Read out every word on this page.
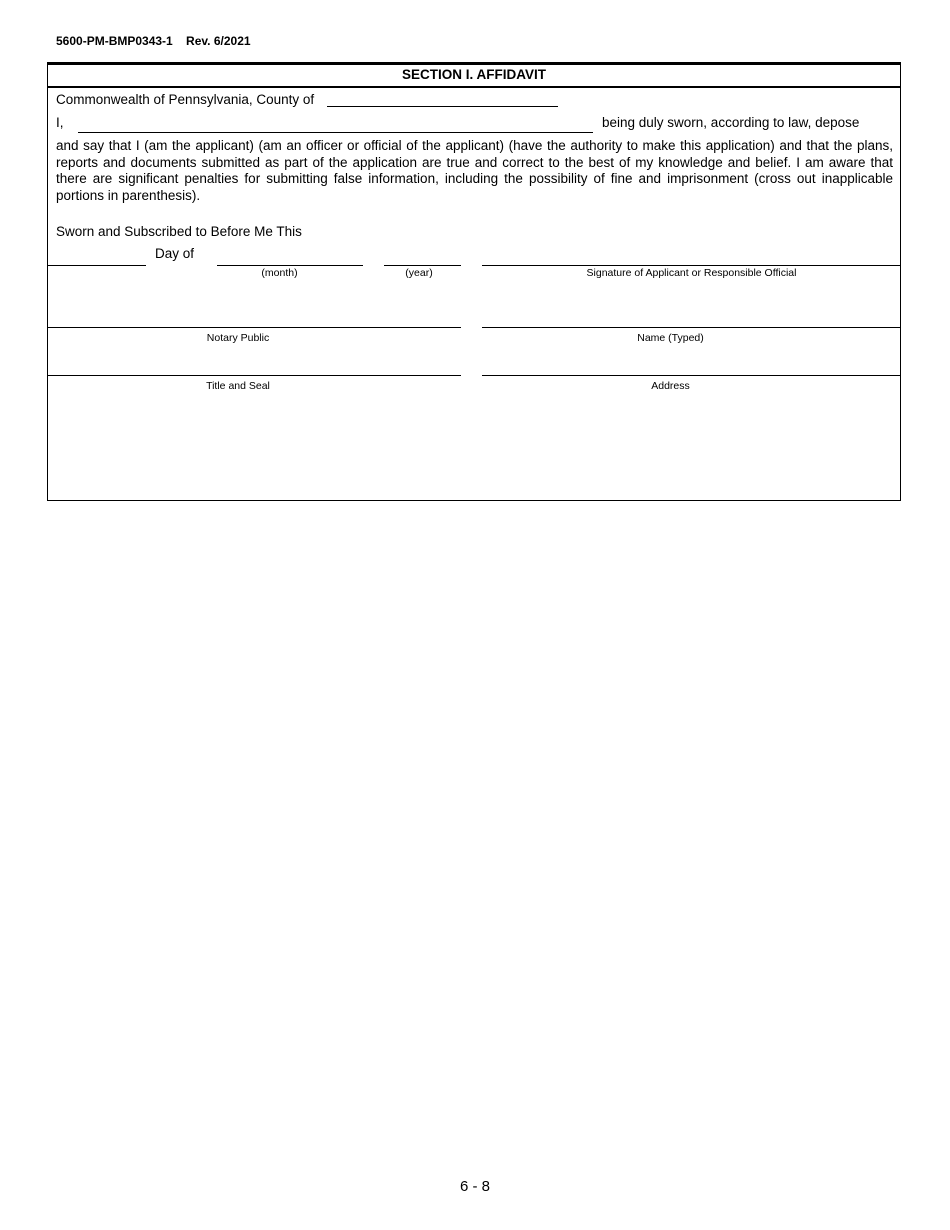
5600-PM-BMP0343-1    Rev. 6/2021
SECTION I. AFFIDAVIT
Commonwealth of Pennsylvania, County of
I,	being duly sworn, according to law, depose
and say that I (am the applicant) (am an officer or official of the applicant) (have the authority to make this application) and that the plans, reports and documents submitted as part of the application are true and correct to the best of my knowledge and belief. I am aware that there are significant penalties for submitting false information, including the possibility of fine and imprisonment (cross out inapplicable portions in parenthesis).
Sworn and Subscribed to Before Me This
Day of
(month)	(year)	Signature of Applicant or Responsible Official
Notary Public	Name (Typed)
Title and Seal	Address
6 - 8
